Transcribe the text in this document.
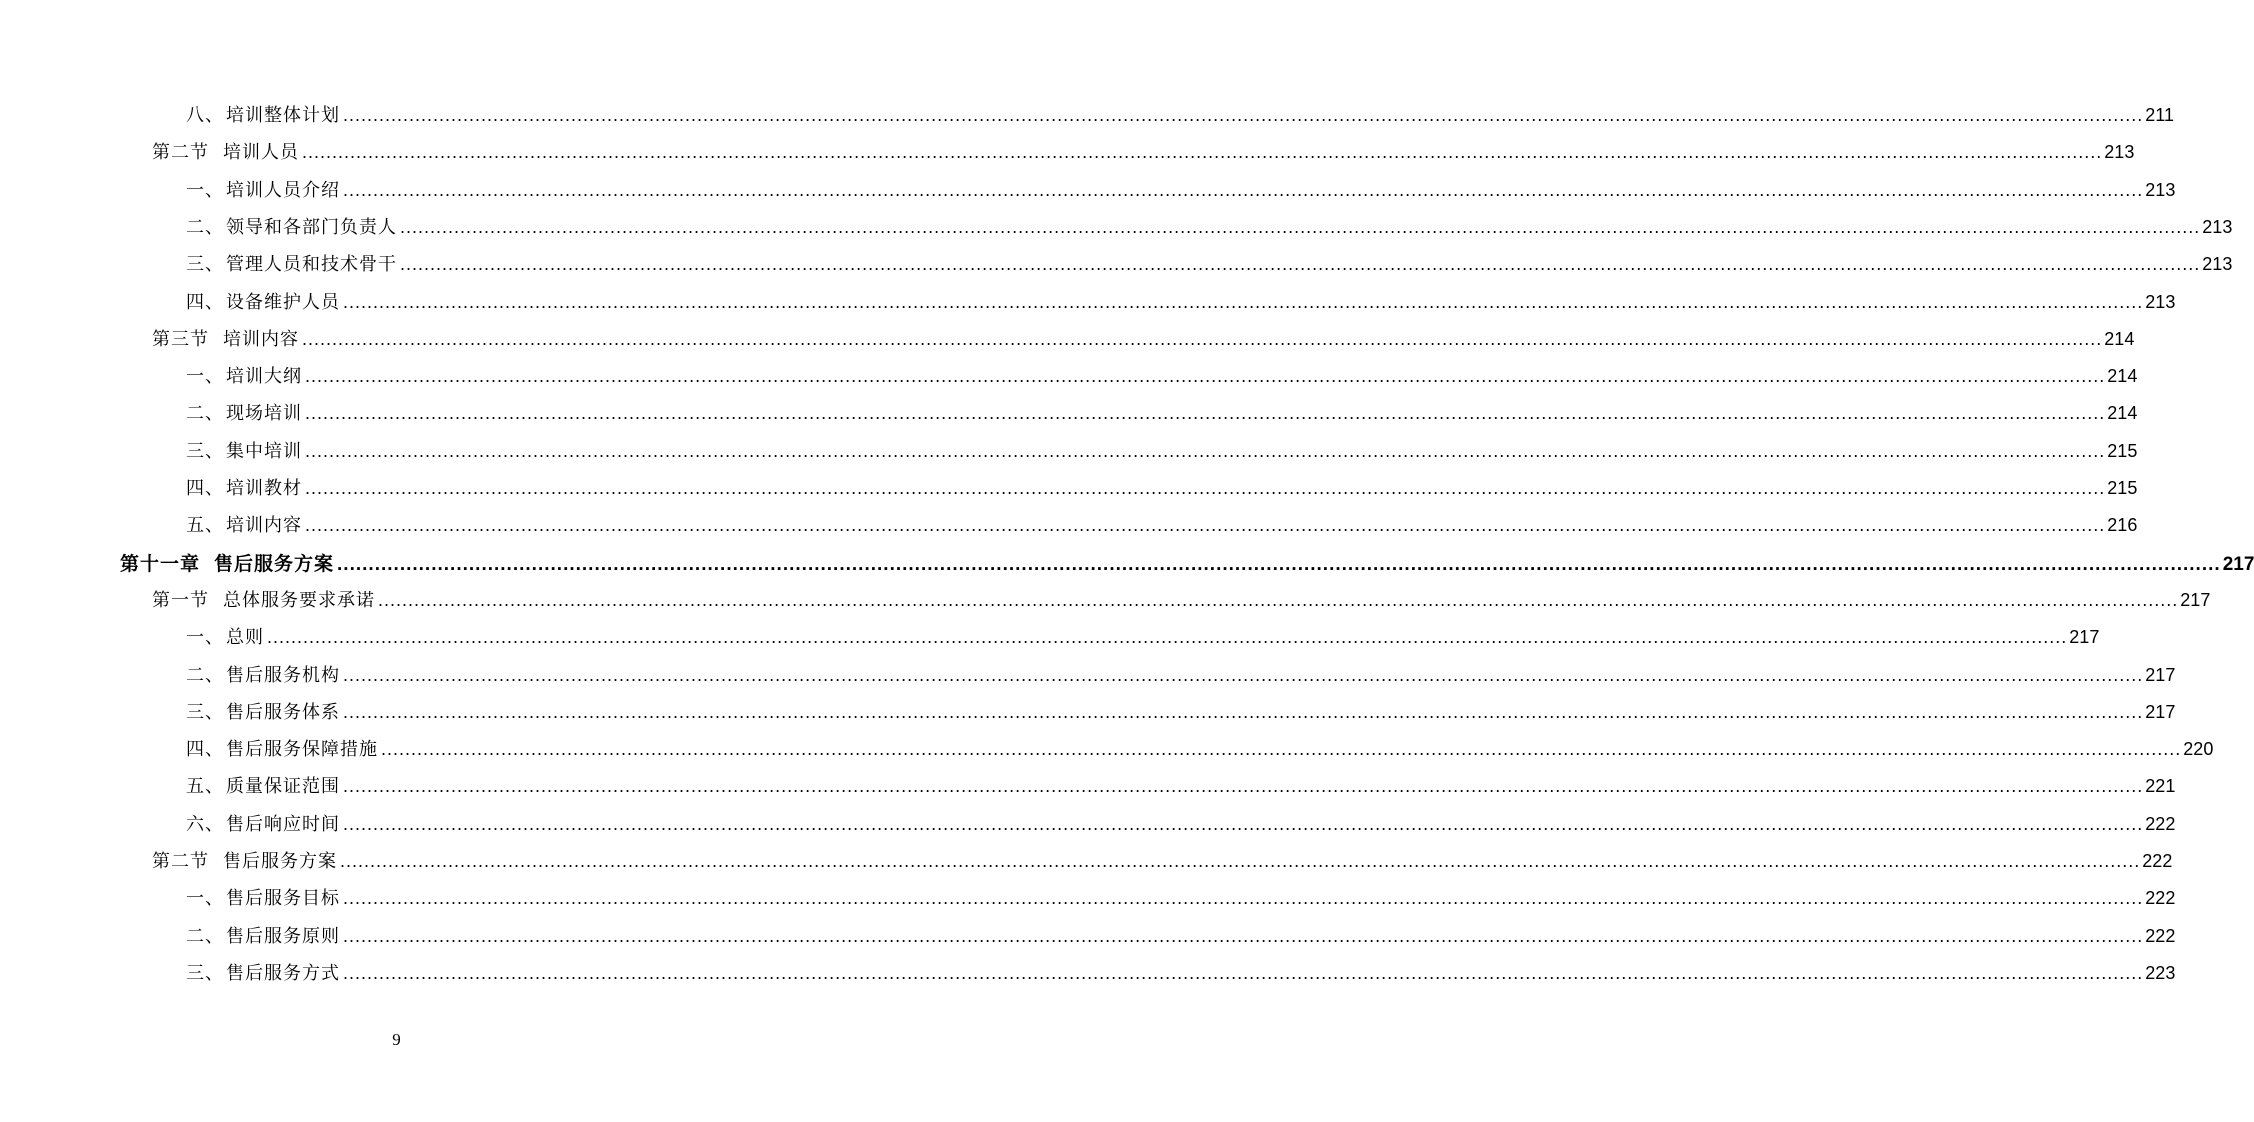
八、 培训整体计划 ............................................................................................................................................................................................................................................................................................................ 211
第二节 培训人员 ............................................................................................................................................................................................................................................................................................................ 213
一、 培训人员介绍 ............................................................................................................................................................................................................................................................................................................ 213
二、 领导和各部门负责人 ............................................................................................................................................................................................................................................................................................................ 213
三、 管理人员和技术骨干 ............................................................................................................................................................................................................................................................................................................ 213
四、 设备维护人员 ............................................................................................................................................................................................................................................................................................................ 213
第三节 培训内容 ............................................................................................................................................................................................................................................................................................................ 214
一、 培训大纲 ............................................................................................................................................................................................................................................................................................................ 214
二、 现场培训 ............................................................................................................................................................................................................................................................................................................ 214
三、 集中培训 ............................................................................................................................................................................................................................................................................................................ 215
四、 培训教材 ............................................................................................................................................................................................................................................................................................................ 215
五、 培训内容 ............................................................................................................................................................................................................................................................................................................ 216
第十一章 售后服务方案 ............................................................................................................................................................................................................................................................................................................ 217
第一节 总体服务要求承诺 ............................................................................................................................................................................................................................................................................................................ 217
一、 总则 ............................................................................................................................................................................................................................................................................................................ 217
二、 售后服务机构 ............................................................................................................................................................................................................................................................................................................ 217
三、 售后服务体系 ............................................................................................................................................................................................................................................................................................................ 217
四、 售后服务保障措施 ............................................................................................................................................................................................................................................................................................................ 220
五、 质量保证范围 ............................................................................................................................................................................................................................................................................................................ 221
六、 售后响应时间 ............................................................................................................................................................................................................................................................................................................ 222
第二节 售后服务方案 ............................................................................................................................................................................................................................................................................................................ 222
一、 售后服务目标 ............................................................................................................................................................................................................................................................................................................ 222
二、 售后服务原则 ............................................................................................................................................................................................................................................................................................................ 222
三、 售后服务方式 ............................................................................................................................................................................................................................................................................................................ 223
9
